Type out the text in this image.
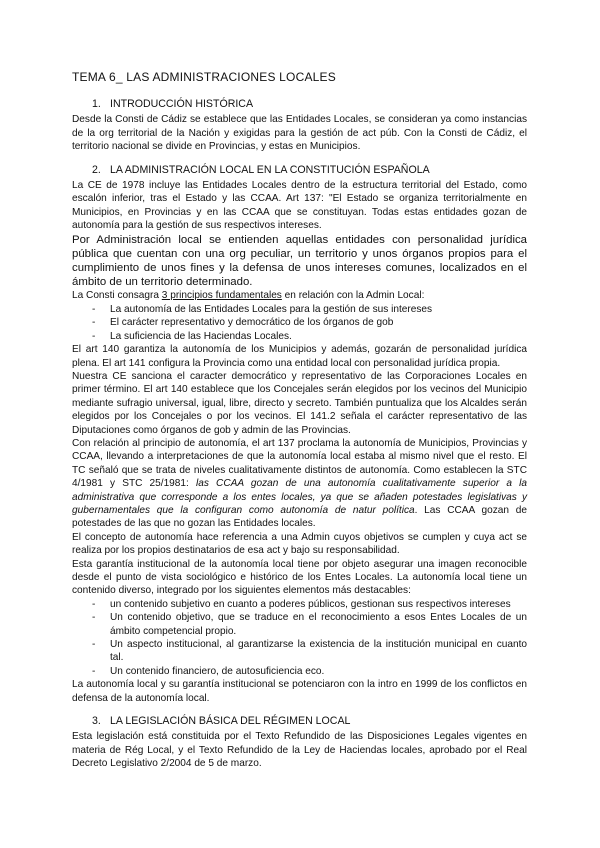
TEMA 6_ LAS ADMINISTRACIONES LOCALES
1. INTRODUCCIÓN HISTÓRICA

Desde la Consti de Cádiz se establece que las Entidades Locales, se consideran ya como instancias de la org territorial de la Nación y exigidas para la gestión de act púb. Con la Consti de Cádiz, el territorio nacional se divide en Provincias, y estas en Municipios.

2. LA ADMINISTRACIÓN LOCAL EN LA CONSTITUCIÓN ESPAÑOLA

La CE de 1978 incluye las Entidades Locales dentro de la estructura territorial del Estado, como escalón inferior, tras el Estado y las CCAA. Art 137: "El Estado se organiza territorialmente en Municipios, en Provincias y en las CCAA que se constituyan. Todas estas entidades gozan de autonomía para la gestión de sus respectivos intereses.

Por Administración local se entienden aquellas entidades con personalidad jurídica pública que cuentan con una org peculiar, un territorio y unos órganos propios para el cumplimiento de unos fines y la defensa de unos intereses comunes, localizados en el ámbito de un territorio determinado.

La Consti consagra 3 principios fundamentales en relación con la Admin Local:

- La autonomía de las Entidades Locales para la gestión de sus intereses
- El carácter representativo y democrático de los órganos de gob
- La suficiencia de las Haciendas Locales.

El art 140 garantiza la autonomía de los Municipios y además, gozarán de personalidad jurídica plena. El art 141 configura la Provincia como una entidad local con personalidad jurídica propia.

Nuestra CE sanciona el caracter democrático y representativo de las Corporaciones Locales en primer término. El art 140 establece que los Concejales serán elegidos por los vecinos del Municipio mediante sufragio universal, igual, libre, directo y secreto. También puntualiza que los Alcaldes serán elegidos por los Concejales o por los vecinos. El 141.2 señala el carácter representativo de las Diputaciones como órganos de gob y admin de las Provincias.

Con relación al principio de autonomía, el art 137 proclama la autonomía de Municipios, Provincias y CCAA, llevando a interpretaciones de que la autonomía local estaba al mismo nivel que el resto. El TC señaló que se trata de niveles cualitativamente distintos de autonomía. Como establecen la STC 4/1981 y STC 25/1981: las CCAA gozan de una autonomía cualitativamente superior a la administrativa que corresponde a los entes locales, ya que se añaden potestades legislativas y gubernamentales que la configuran como autonomía de natur política. Las CCAA gozan de potestades de las que no gozan las Entidades locales.

El concepto de autonomía hace referencia a una Admin cuyos objetivos se cumplen y cuya act se realiza por los propios destinatarios de esa act y bajo su responsabilidad.

Esta garantía institucional de la autonomía local tiene por objeto asegurar una imagen reconocible desde el punto de vista sociológico e histórico de los Entes Locales. La autonomía local tiene un contenido diverso, integrado por los siguientes elementos más destacables:

- un contenido subjetivo en cuanto a poderes públicos, gestionan sus respectivos intereses
- Un contenido objetivo, que se traduce en el reconocimiento a esos Entes Locales de un ámbito competencial propio.
- Un aspecto institucional, al garantizarse la existencia de la institución municipal en cuanto tal.
- Un contenido financiero, de autosuficiencia eco.

La autonomía local y su garantía institucional se potenciaron con la intro en 1999 de los conflictos en defensa de la autonomía local.

3. LA LEGISLACIÓN BÁSICA DEL RÉGIMEN LOCAL

Esta legislación está constituida por el Texto Refundido de las Disposiciones Legales vigentes en materia de Rég Local, y el Texto Refundido de la Ley de Haciendas locales, aprobado por el Real Decreto Legislativo 2/2004 de 5 de marzo.
